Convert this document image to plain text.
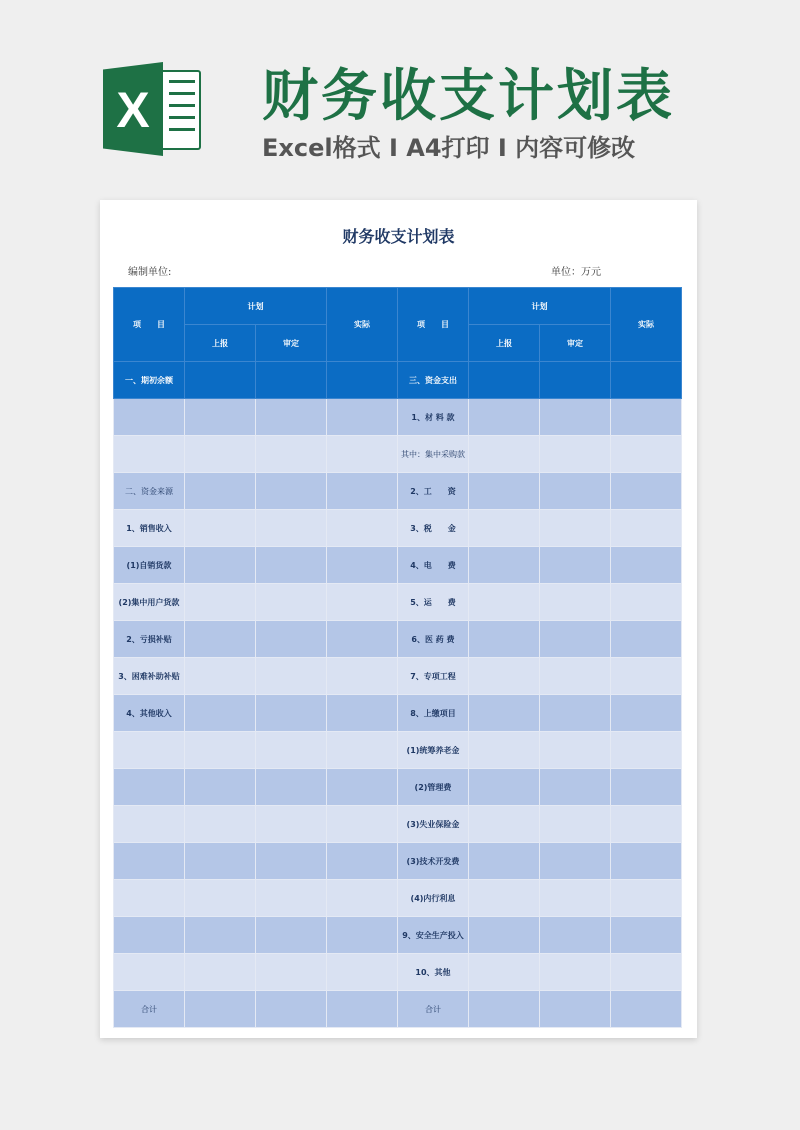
X 财务收支计划表
Excel格式 I A4打印 I 内容可修改
财务收支计划表
编制单位:	单位：万元
项　　目	计划		实际	项　　目	计划		实际
	上报	审定			上报	审定	
一、期初余额				三、资金支出			
				1、材 料 款			
				其中：集中采购款			
二、资金来源				2、工　　资			
1、销售收入				3、税　　金			
(1)自销货款				4、电　　费			
(2)集中用户货款				5、运　　费			
2、亏损补贴				6、医 药 费			
3、困难补助补贴				7、专项工程			
4、其他收入				8、上缴项目			
				(1)统筹养老金			
				(2)管理费			
				(3)失业保险金			
				(3)技术开发费			
				(4)内行利息			
				9、安全生产投入			
				10、其他			
合计				合计			
